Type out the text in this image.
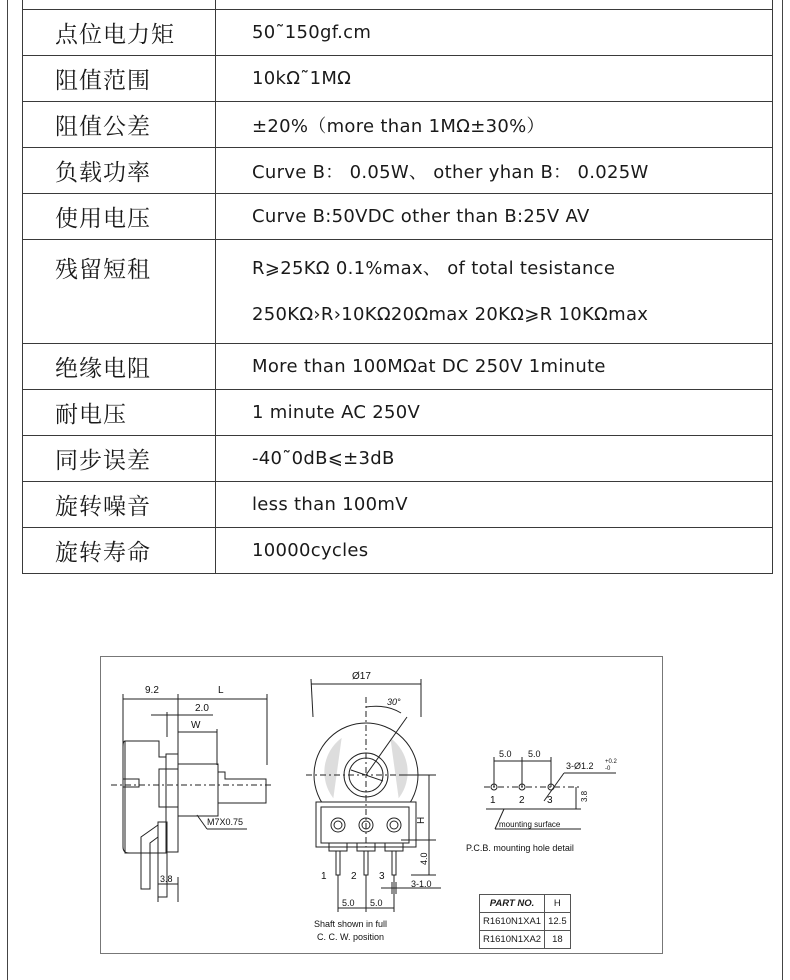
点位电力矩	50˜150gf.cm

阻值范围	10kΩ˜1MΩ

阻值公差	±20%（more than 1MΩ±30%）

负载功率	Curve B： 0.05W、 other yhan B： 0.025W

使用电压	Curve B:50VDC other than B:25V AV

残留短租	R⩾25KΩ 0.1%max、 of total tesistance
250KΩ›R›10KΩ20Ωmax 20KΩ⩾R 10KΩmax

绝缘电阻	More than 100MΩat DC 250V 1minute

耐电压	1 minute AC 250V

同步误差	-40˜0dB⩽±3dB

旋转噪音	less than 100mV

旋转寿命	10000cycles
9.2	L
2.0
W
M7X0.75
3.8
Ø17
30°
H
4.0
3-1.0
1 2 3
5.0 5.0
5.0 5.0
3-Ø1.2 +0.2
-0
3.8
1 2 3
mounting surface
P.C.B. mounting hole detail
Shaft shown in full
C. C. W. position
PART NO.	H
R1610N1XA1	12.5
R1610N1XA2	18
